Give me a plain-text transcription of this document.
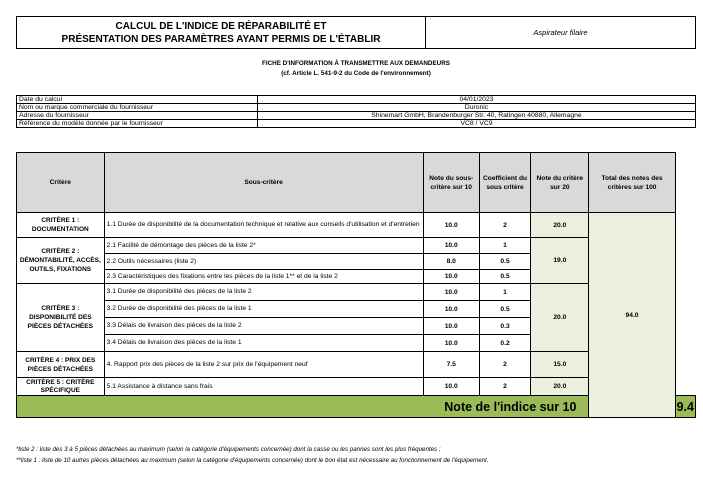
CALCUL DE L'INDICE DE RÉPARABILITÉ ET
PRÉSENTATION DES PARAMÈTRES AYANT PERMIS DE L'ÉTABLIR
	Aspirateur filaire
FICHE D'INFORMATION À TRANSMETTRE AUX DEMANDEURS
(cf. Article L. 541-9-2 du Code de l'environnement)
Date du calcul	04/01/2023
Nom ou marque commerciale du fournisseur	Duronic
Adresse du fournisseur	Shinemart GmbH, Brandenburger Str. 40, Ratingen 40880, Allemagne
Référence du modèle donnée par le fournisseur	VC8 / VC9
Critère	Sous-critère	Note du sous-critère sur 10	Coefficient du sous critère	Note du critère sur 20	Total des notes des critères sur 100	
CRITÈRE 1 : DOCUMENTATION	1.1 Durée de disponibilité de la documentation technique et relative aux conseils d'utilisation et d'entretien	10.0	2	20.0	94.0	
CRITÈRE 2 : DÉMONTABILITÉ, ACCÈS, OUTILS, FIXATIONS	2.1 Facilité de démontage des pièces de la liste 2*	10.0	1	19.0		
	2.2 Outils nécessaires (liste 2)	8.0	0.5			
	2.3 Caractéristiques des fixations entre les pièces de la liste 1** et de la liste 2	10.0	0.5			
CRITÈRE 3 : DISPONIBILITÉ DES PIÈCES DÉTACHÉES	3.1 Durée de disponibilité des pièces de la liste 2	10.0	1	20.0		
	3.2 Durée de disponibilité des pièces de la liste 1	10.0	0.5			
	3.3 Délais de livraison des pièces de la liste 2	10.0	0.3			
	3.4 Délais de livraison des pièces de la liste 1	10.0	0.2			
CRITÈRE 4 : PRIX DES PIÈCES DÉTACHÉES	4. Rapport prix des pièces de la liste 2 sur prix de l'équipement neuf	7.5	2	15.0		
CRITÈRE 5 : CRITÈRE SPÉCIFIQUE	5.1 Assistance à distance sans frais	10.0	2	20.0		
Note de l'indice sur 10						9.4
*liste 2 : liste des 3 à 5 pièces détachées au maximum (selon la catégorie d'équipements concernée) dont la casse ou les pannes sont les plus fréquentes ;
**liste 1 : liste de 10 autres pièces détachées au maximum (selon la catégorie d'équipements concernée) dont le bon état est nécessaire au fonctionnement de l'équipement.
